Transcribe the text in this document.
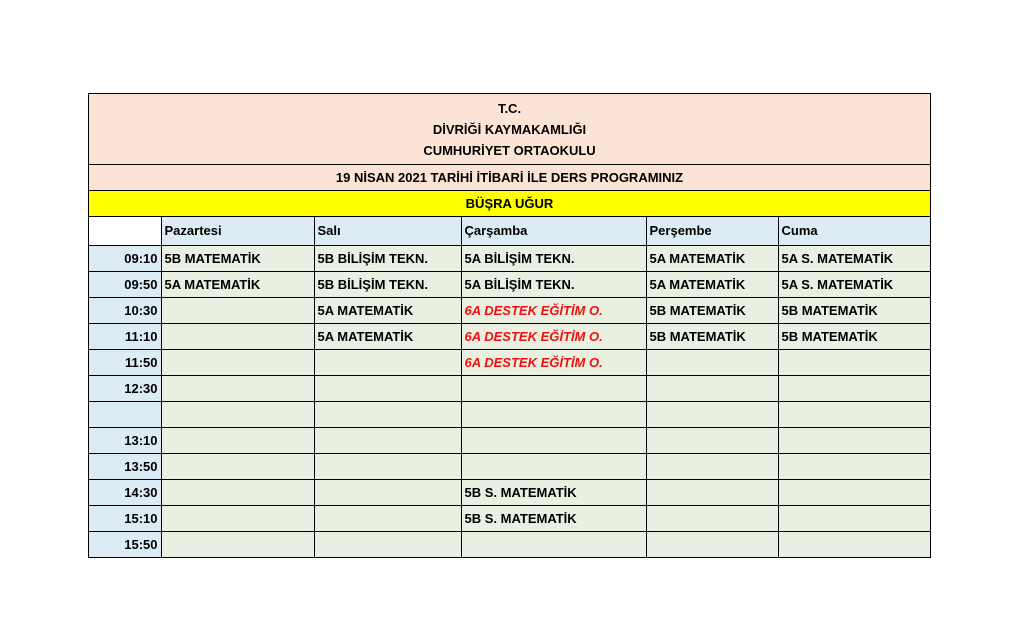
T.C.
DİVRİĞİ KAYMAKAMLIĞI
CUMHURİYET ORTAOKULU
19 NİSAN 2021 TARİHİ İTİBARİ İLE DERS PROGRAMINIZ
BÜŞRA UĞUR
	Pazartesi	Salı	Çarşamba	Perşembe	Cuma
09:10	5B MATEMATİK	5B BİLİŞİM TEKN.	5A BİLİŞİM TEKN.	5A MATEMATİK	5A S. MATEMATİK
09:50	5A MATEMATİK	5B BİLİŞİM TEKN.	5A BİLİŞİM TEKN.	5A MATEMATİK	5A S. MATEMATİK
10:30		5A MATEMATİK	6A DESTEK EĞİTİM O.	5B MATEMATİK	5B MATEMATİK
11:10		5A MATEMATİK	6A DESTEK EĞİTİM O.	5B MATEMATİK	5B MATEMATİK
11:50			6A DESTEK EĞİTİM O.		
12:30					

13:10					
13:50					
14:30			5B S. MATEMATİK		
15:10			5B S. MATEMATİK		
15:50					
